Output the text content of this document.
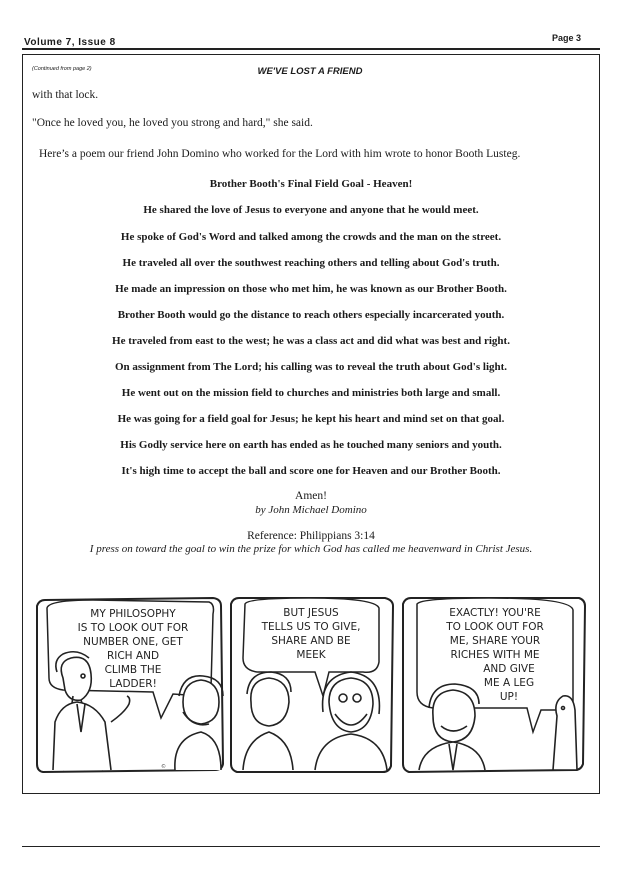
Volume 7, Issue 8	Page 3
(Continued from page 2)	WE'VE LOST A FRIEND
with that lock.
"Once he loved you, he loved you strong and hard," she said.
Here’s a poem our friend John Domino who worked for the Lord with him wrote to honor Booth Lusteg.
Brother Booth's Final Field Goal - Heaven!
He shared the love of Jesus to everyone and anyone that he would meet.
He spoke of God's Word and talked among the crowds and the man on the street.
He traveled all over the southwest reaching others and telling about God's truth.
He made an impression on those who met him, he was known as our Brother Booth.
Brother Booth would go the distance to reach others especially incarcerated youth.
He traveled from east to the west; he was a class act and did what was best and right.
On assignment from The Lord; his calling was to reveal the truth about God's light.
He went out on the mission field to churches and ministries both large and small.
He was going for a field goal for Jesus; he kept his heart and mind set on that goal.
His Godly service here on earth has ended as he touched many seniors and youth.
It's high time to accept the ball and score one for Heaven and our Brother Booth.
Amen!
by John Michael Domino
Reference: Philippians 3:14
I press on toward the goal to win the prize for which God has called me heavenward in Christ Jesus.
MY PHILOSOPHY
IS TO LOOK OUT FOR
NUMBER ONE, GET
RICH AND
CLIMB THE
LADDER!
©
BUT JESUS
TELLS US TO GIVE,
SHARE AND BE
MEEK
EXACTLY! YOU'RE
TO LOOK OUT FOR
ME, SHARE YOUR
RICHES WITH ME
AND GIVE
ME A LEG
UP!
